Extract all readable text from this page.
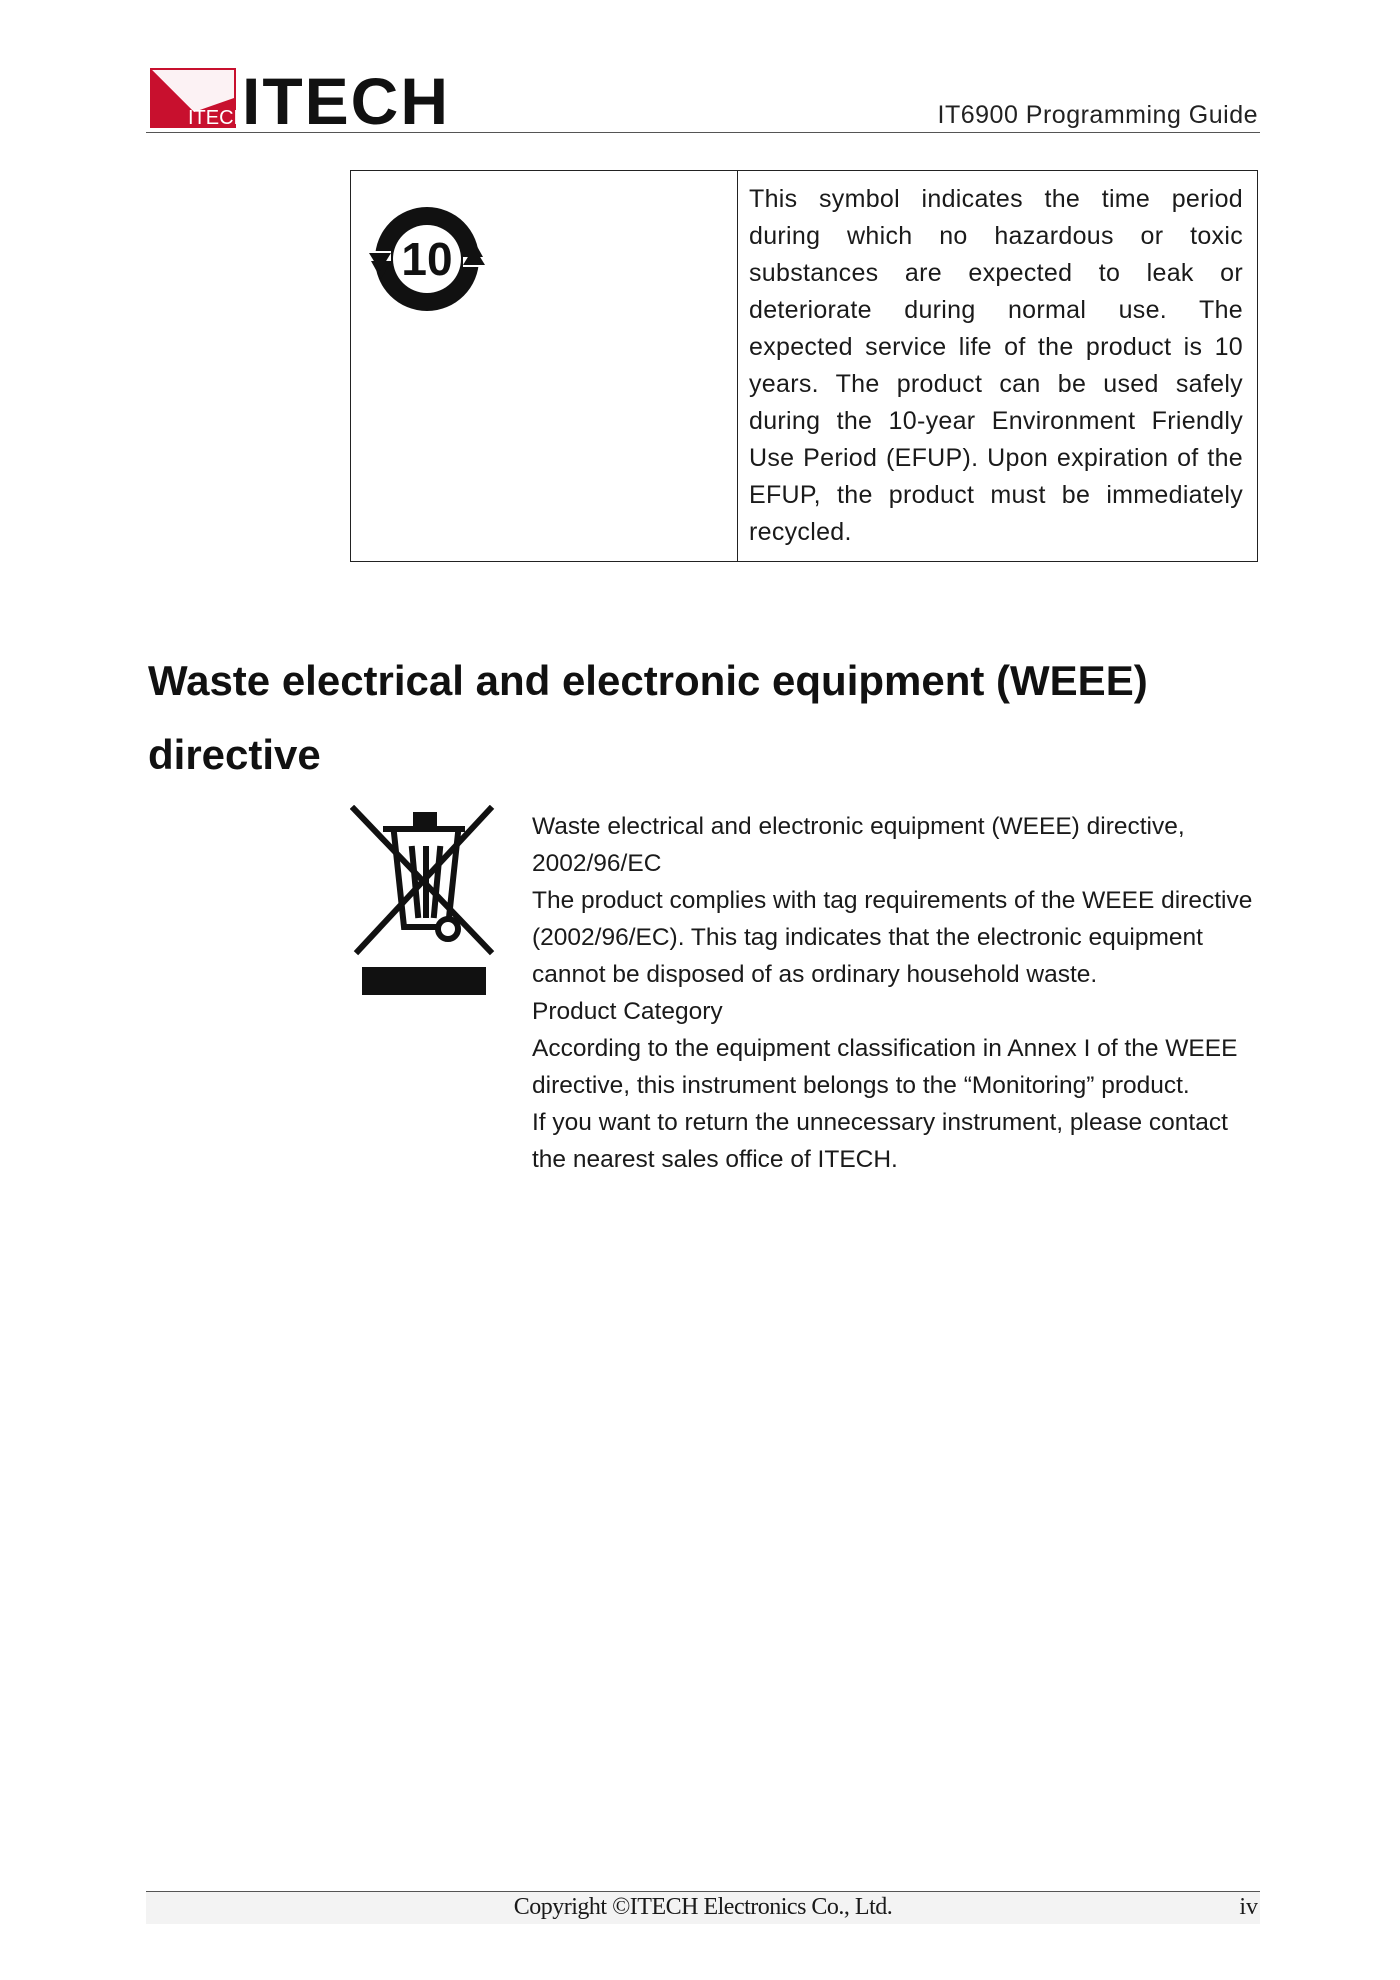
ITECH
ITECH	IT6900 Programming Guide
10
This symbol indicates the time period during which no hazardous or toxic substances are expected to leak or deteriorate during normal use. The expected service life of the product is 10 years. The product can be used safely during the 10-year Environment Friendly Use Period (EFUP). Upon expiration of the EFUP, the product must be immediately recycled.
Waste electrical and electronic equipment (WEEE) directive
Waste electrical and electronic equipment (WEEE) directive,
2002/96/EC
The product complies with tag requirements of the WEEE directive
(2002/96/EC). This tag indicates that the electronic equipment
cannot be disposed of as ordinary household waste.
Product Category
According to the equipment classification in Annex I of the WEEE
directive, this instrument belongs to the “Monitoring” product.
If you want to return the unnecessary instrument, please contact
the nearest sales office of ITECH.
Copyright ©ITECH Electronics Co., Ltd.	iv
